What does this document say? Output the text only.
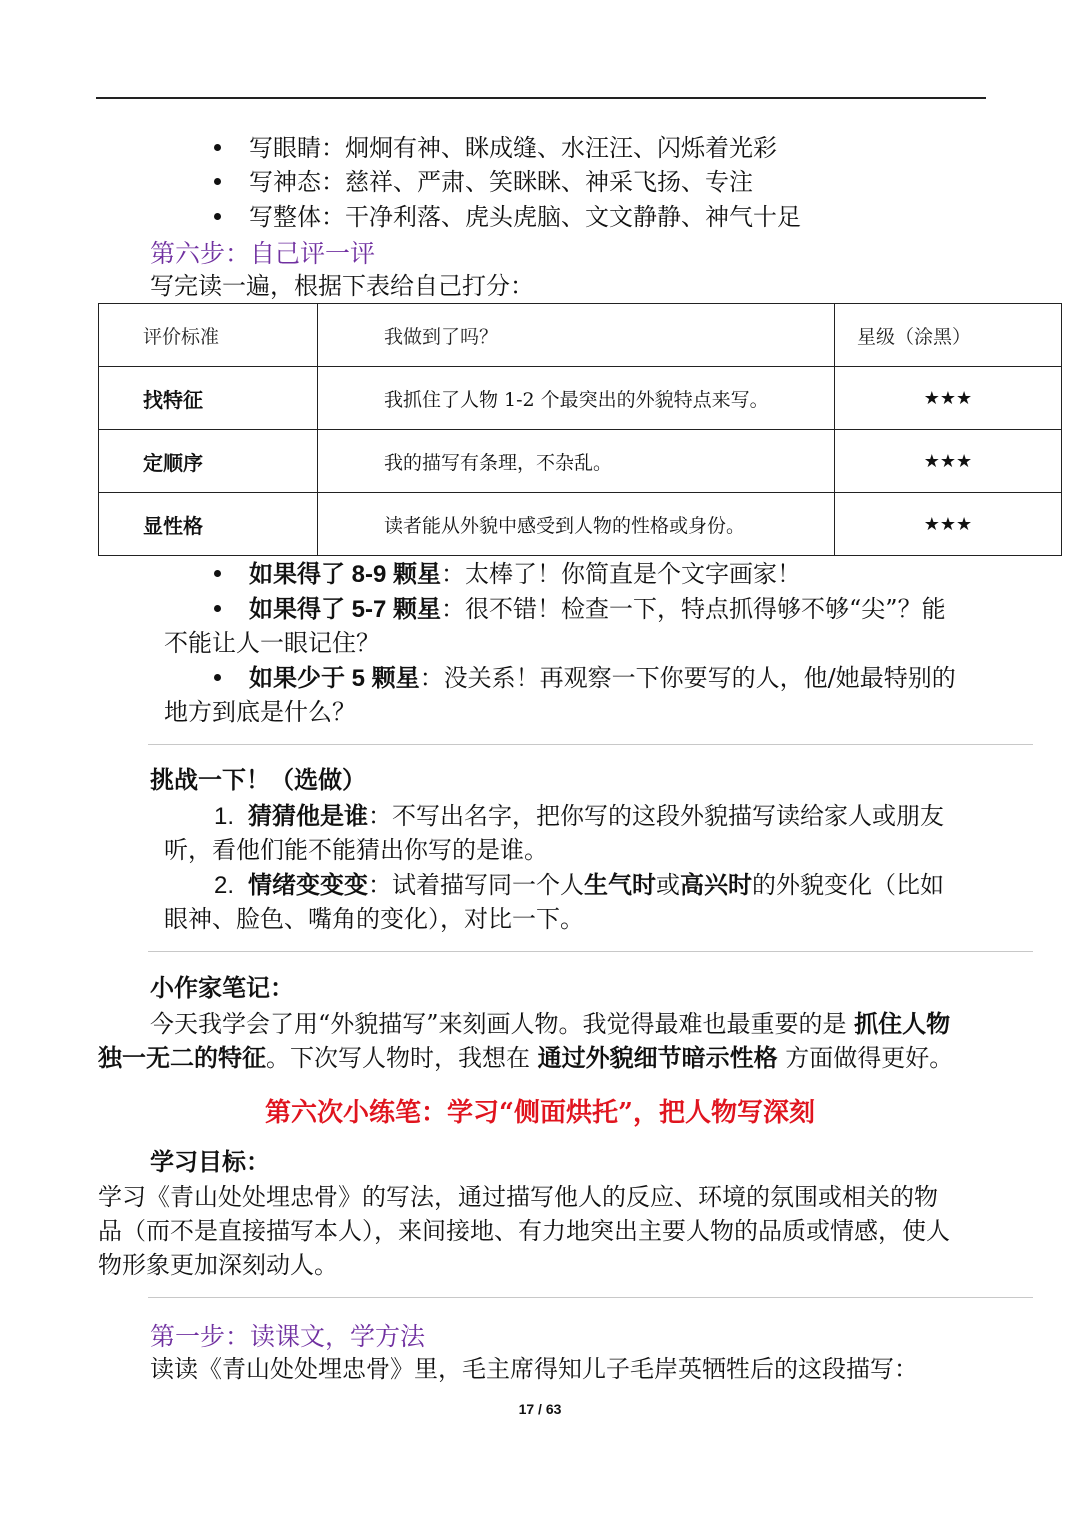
写眼睛：炯炯有神、眯成缝、水汪汪、闪烁着光彩
写神态：慈祥、严肃、笑眯眯、神采飞扬、专注
写整体：干净利落、虎头虎脑、文文静静、神气十足
第六步：自己评一评
写完读一遍，根据下表给自己打分：
评价标准	我做到了吗？	星级（涂黑）
找特征	我抓住了人物 1-2 个最突出的外貌特点来写。	★★★
定顺序	我的描写有条理，不杂乱。	★★★
显性格	读者能从外貌中感受到人物的性格或身份。	★★★
如果得了 8-9 颗星：太棒了！你简直是个文字画家！
如果得了 5-7 颗星：很不错！检查一下，特点抓得够不够“尖”？能
不能让人一眼记住？
如果少于 5 颗星：没关系！再观察一下你要写的人，他/她最特别的
地方到底是什么？
挑战一下！（选做）
1. 猜猜他是谁：不写出名字，把你写的这段外貌描写读给家人或朋友
听，看他们能不能猜出你写的是谁。
2. 情绪变变变：试着描写同一个人生气时或高兴时的外貌变化（比如
眼神、脸色、嘴角的变化），对比一下。
小作家笔记：
今天我学会了用“外貌描写”来刻画人物。我觉得最难也最重要的是 抓住人物
独一无二的特征。下次写人物时，我想在 通过外貌细节暗示性格 方面做得更好。
第六次小练笔：学习“侧面烘托”，把人物写深刻
学习目标：
学习《青山处处埋忠骨》的写法，通过描写他人的反应、环境的氛围或相关的物
品（而不是直接描写本人），来间接地、有力地突出主要人物的品质或情感，使人
物形象更加深刻动人。
第一步：读课文，学方法
读读《青山处处埋忠骨》里，毛主席得知儿子毛岸英牺牲后的这段描写：
17 / 63
